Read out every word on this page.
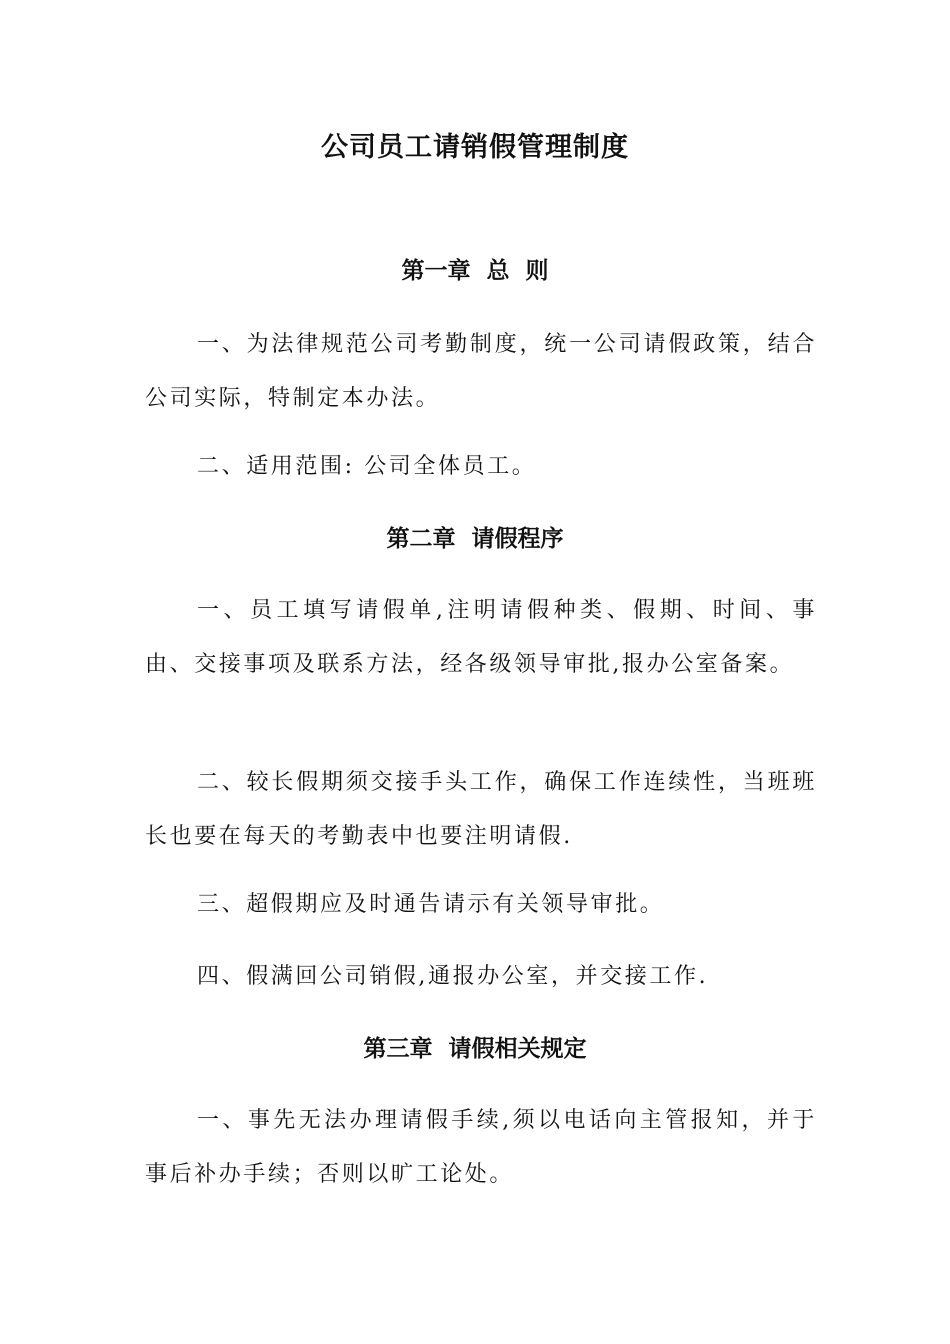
公司员工请销假管理制度
第一章  总  则
一、为法律规范公司考勤制度，统一公司请假政策，结合公司实际，特制定本办法。
二、适用范围: 公司全体员工。
第二章  请假程序
一、员工填写请假单,注明请假种类、假期、时间、事由、交接事项及联系方法，经各级领导审批,报办公室备案。
二、较长假期须交接手头工作，确保工作连续性，当班班长也要在每天的考勤表中也要注明请假.
三、超假期应及时通告请示有关领导审批。
四、假满回公司销假,通报办公室，并交接工作.
第三章  请假相关规定
一、事先无法办理请假手续,须以电话向主管报知，并于事后补办手续；否则以旷工论处。
